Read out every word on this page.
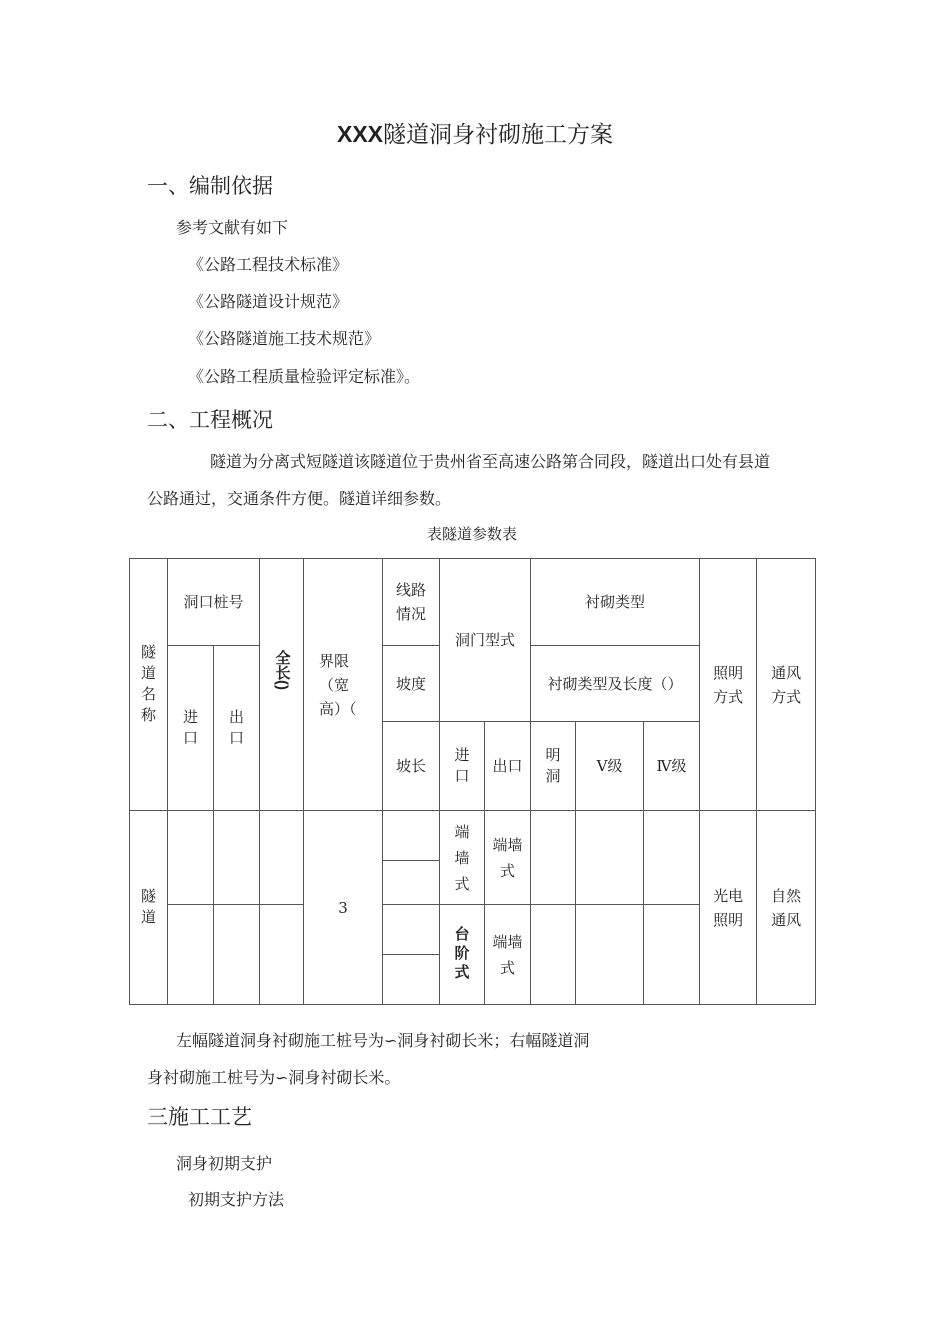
XXX隧道洞身衬砌施工方案
一、编制依据
参考文献有如下
《公路工程技术标准》
《公路隧道设计规范》
《公路隧道施工技术规范》
《公路工程质量检验评定标准》。
二、工程概况
隧道为分离式短隧道该隧道位于贵州省至高速公路第合同段，隧道出口处有县道
公路通过，交通条件方便。隧道详细参数。
表隧道参数表
隧道名称	洞口桩号		全长()	界限（宽高）（	线路情况	洞门型式		衬砌类型			照明方式	通风方式
	进口	出口			坡度			衬砌类型及长度（）				
					坡长	进口	出口	明洞	Ⅴ级	Ⅳ级		
隧道				3		端墙式	端墙式				光电照明	自然通风

						台阶式	端墙式					

左幅隧道洞身衬砌施工桩号为∽洞身衬砌长米；右幅隧道洞
身衬砌施工桩号为∽洞身衬砌长米。
三施工工艺
洞身初期支护
初期支护方法
